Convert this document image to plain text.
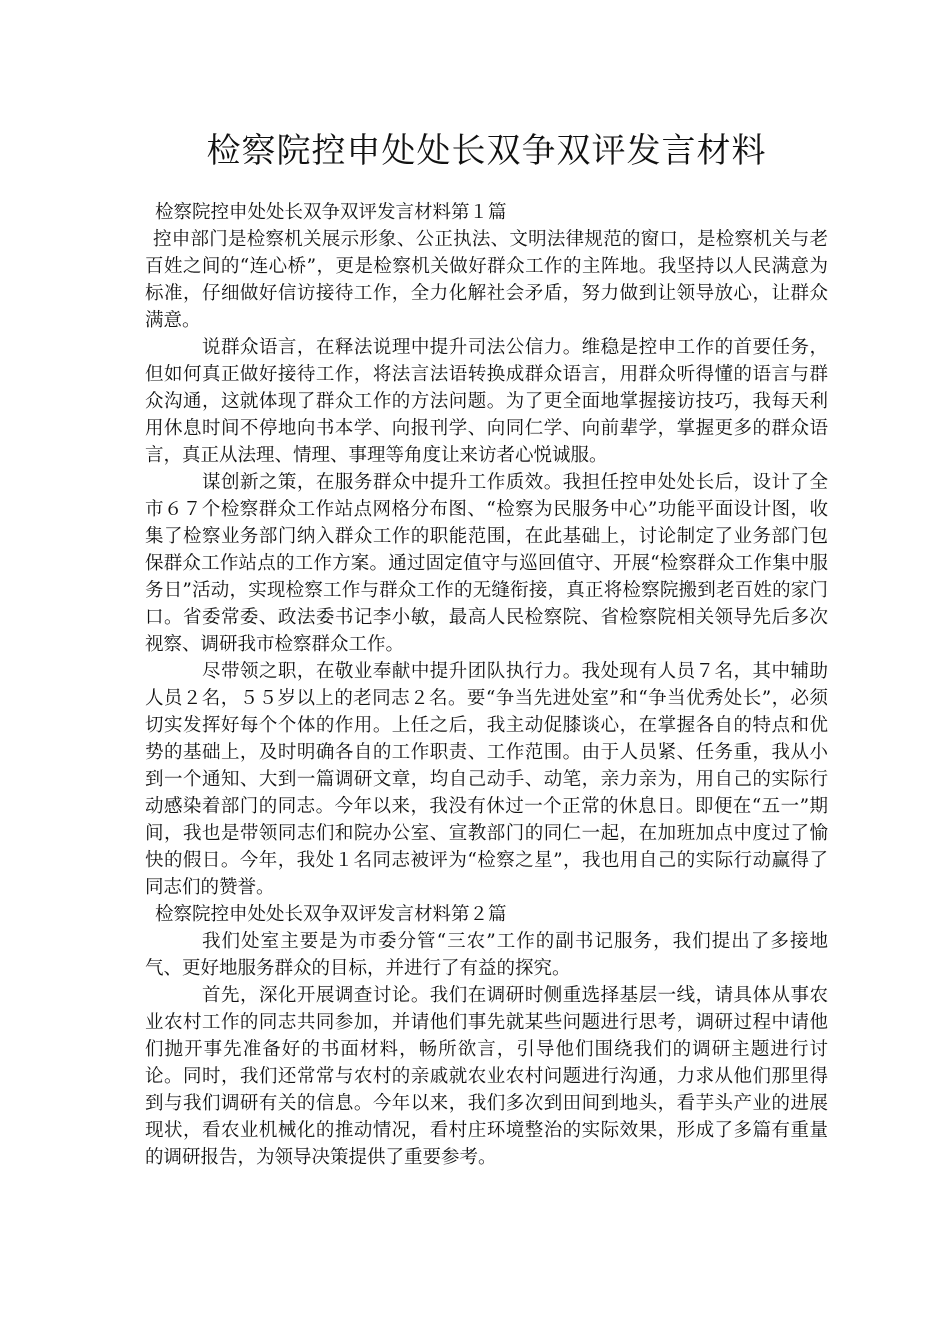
检察院控申处处长双争双评发言材料

检察院控申处处长双争双评发言材料第１篇

控申部门是检察机关展示形象、公正执法、文明法律规范的窗口，是检察机关与老百姓之间的“连心桥”，更是检察机关做好群众工作的主阵地。我坚持以人民满意为标准，仔细做好信访接待工作，全力化解社会矛盾，努力做到让领导放心，让群众满意。

说群众语言，在释法说理中提升司法公信力。维稳是控申工作的首要任务，但如何真正做好接待工作，将法言法语转换成群众语言，用群众听得懂的语言与群众沟通，这就体现了群众工作的方法问题。为了更全面地掌握接访技巧，我每天利用休息时间不停地向书本学、向报刊学、向同仁学、向前辈学，掌握更多的群众语言，真正从法理、情理、事理等角度让来访者心悦诚服。

谋创新之策，在服务群众中提升工作质效。我担任控申处处长后，设计了全市６７个检察群众工作站点网格分布图、“检察为民服务中心”功能平面设计图，收集了检察业务部门纳入群众工作的职能范围，在此基础上，讨论制定了业务部门包保群众工作站点的工作方案。通过固定值守与巡回值守、开展“检察群众工作集中服务日”活动，实现检察工作与群众工作的无缝衔接，真正将检察院搬到老百姓的家门口。省委常委、政法委书记李小敏，最高人民检察院、省检察院相关领导先后多次视察、调研我市检察群众工作。

尽带领之职，在敬业奉献中提升团队执行力。我处现有人员７名，其中辅助人员２名，５５岁以上的老同志２名。要“争当先进处室”和“争当优秀处长”，必须切实发挥好每个个体的作用。上任之后，我主动促膝谈心，在掌握各自的特点和优势的基础上，及时明确各自的工作职责、工作范围。由于人员紧、任务重，我从小到一个通知、大到一篇调研文章，均自己动手、动笔，亲力亲为，用自己的实际行动感染着部门的同志。今年以来，我没有休过一个正常的休息日。即便在“五一”期间，我也是带领同志们和院办公室、宣教部门的同仁一起，在加班加点中度过了愉快的假日。今年，我处１名同志被评为“检察之星”，我也用自己的实际行动赢得了同志们的赞誉。

检察院控申处处长双争双评发言材料第２篇

我们处室主要是为市委分管“三农”工作的副书记服务，我们提出了多接地气、更好地服务群众的目标，并进行了有益的探究。

首先，深化开展调查讨论。我们在调研时侧重选择基层一线，请具体从事农业农村工作的同志共同参加，并请他们事先就某些问题进行思考，调研过程中请他们抛开事先准备好的书面材料，畅所欲言，引导他们围绕我们的调研主题进行讨论。同时，我们还常常与农村的亲戚就农业农村问题进行沟通，力求从他们那里得到与我们调研有关的信息。今年以来，我们多次到田间到地头，看芋头产业的进展现状，看农业机械化的推动情况，看村庄环境整治的实际效果，形成了多篇有重量的调研报告，为领导决策提供了重要参考。
